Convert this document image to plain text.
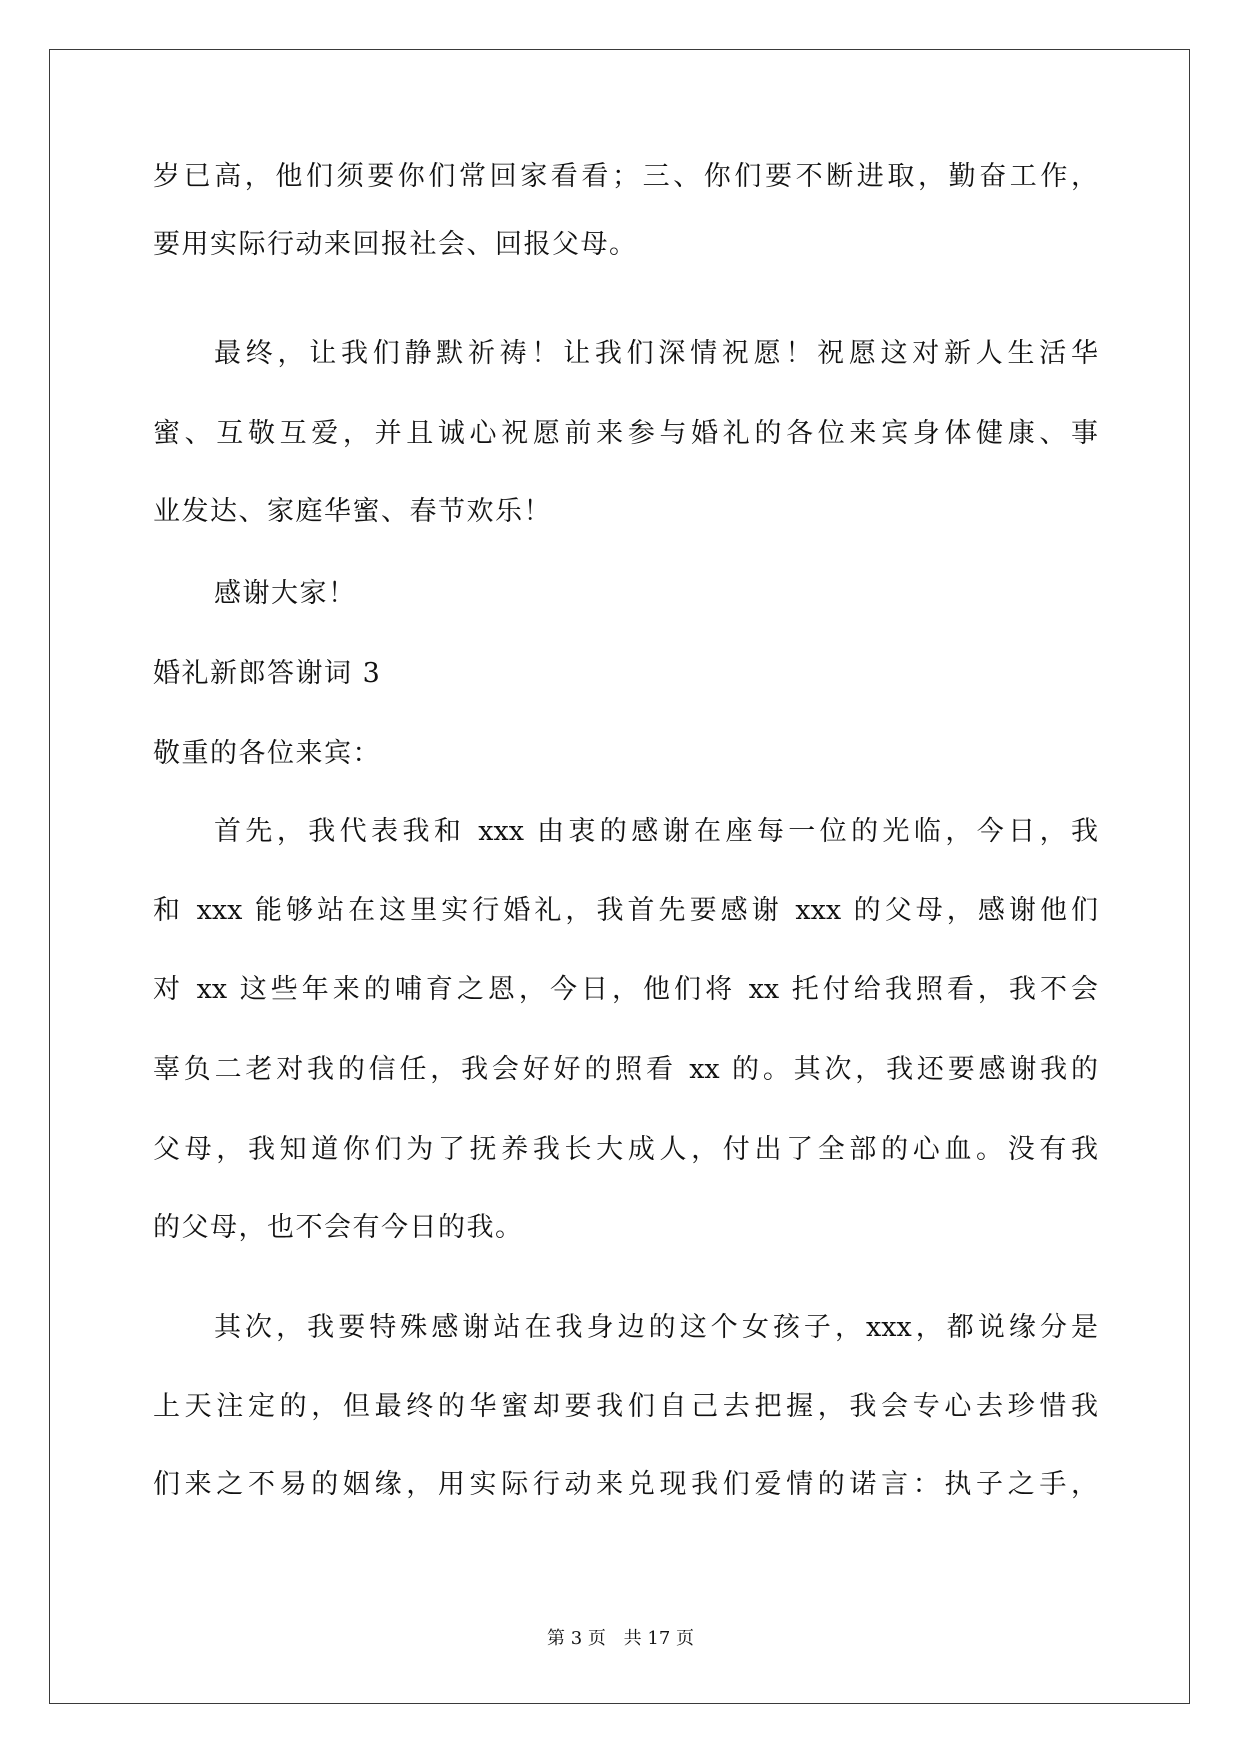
岁已高，他们须要你们常回家看看；三、你们要不断进取，勤奋工作，
要用实际行动来回报社会、回报父母。
最终，让我们静默祈祷！让我们深情祝愿！祝愿这对新人生活华
蜜、互敬互爱，并且诚心祝愿前来参与婚礼的各位来宾身体健康、事
业发达、家庭华蜜、春节欢乐！
感谢大家！
婚礼新郎答谢词 3
敬重的各位来宾：
首先，我代表我和 xxx 由衷的感谢在座每一位的光临，今日，我
和 xxx 能够站在这里实行婚礼，我首先要感谢 xxx 的父母，感谢他们
对 xx 这些年来的哺育之恩，今日，他们将 xx 托付给我照看，我不会
辜负二老对我的信任，我会好好的照看 xx 的。其次，我还要感谢我的
父母，我知道你们为了抚养我长大成人，付出了全部的心血。没有我
的父母，也不会有今日的我。
其次，我要特殊感谢站在我身边的这个女孩子，xxx，都说缘分是
上天注定的，但最终的华蜜却要我们自己去把握，我会专心去珍惜我
们来之不易的姻缘，用实际行动来兑现我们爱情的诺言：执子之手，
第 3 页 共 17 页
